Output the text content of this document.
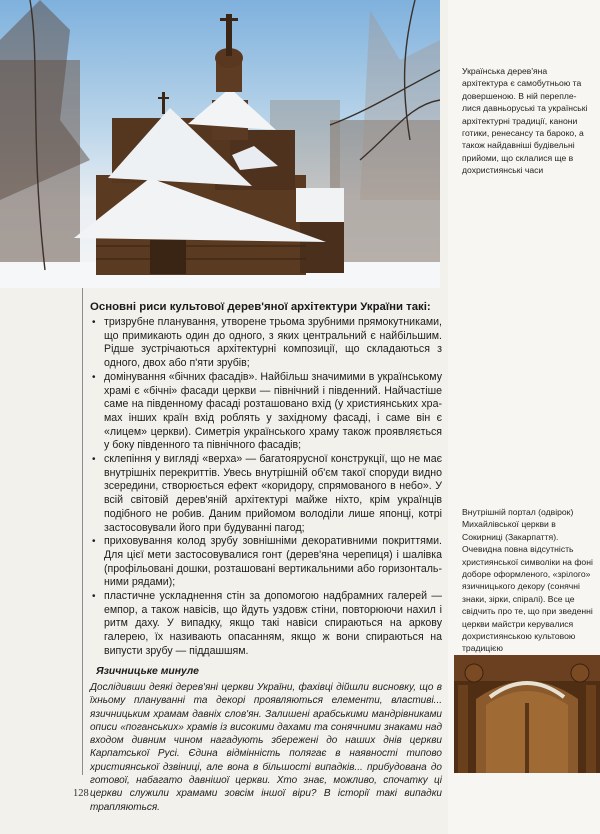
Українська дерев'яна архітектура є самобутньою та довершеною. В ній переплелися давньоруські та українські архітектурні традиції, канони готики, ренесансу та бароко, а також найдавніші будівельні прийоми, що склалися ще в дохристиянські часи
Внутрішній портал (одвірок) Михайлівської церкви в Сокирниці (Закарпаття). Очевидна повна відсутність християнської символіки на фоні доборе оформленого, «зрілого» язичницького декору (сонячні знаки, зірки, спіралі). Все це свідчить про те, що при зведенні церкви майстри керувалися дохристиянською культовою традицією

Основні риси культової дерев'яної архітектури України такі:

• тризрубне планування, утворене трьома зрубними прямокутниками, що примикають один до одного, з яких центральний є найбільшим. Рідше зустрічаються архітектурні композиції, що складаються з одного, двох або п'яти зрубів;
• домінування «бічних фасадів». Найбільш значимими в українському храмі є «бічні» фасади церкви — північний і південний. Найчастіше саме на південному фасаді розташовано вхід (у християнських храмах інших країн вхід роблять у західному фасаді, і саме він є «лицем» церкви). Симетрія українського храму також проявляється у боку південного та північного фасадів;
• склепіння у вигляді «верха» — багатоярусної конструкції, що не має внутрішніх перекриттів. Увесь внутрішній об'єм такої споруди видно зсередини, створюється ефект «коридору, спрямованого в небо». У всій світовій дерев'яній архітектурі майже ніхто, крім українців подібного не робив. Даним прийомом володіли лише японці, котрі застосовували його при будуванні пагод;
• приховування колод зрубу зовнішніми декоративними покриттями. Для цієї мети застосовувалися гонт (дерев'яна черепиця) і шалівка (профільовані дошки, розташовані вертикальними або горизонтальними рядами);
• пластичне ускладнення стін за допомогою надбрамних галерей — емпор, а також навісів, що йдуть уздовж стіни, повторюючи нахил і ритм даху. У випадку, якщо такі навіси спираються на аркову галерею, їх називають опасанням, якщо ж вони спираються на випусти зрубу — піддашшям.

Язичницьке минуле

Дослідивши деякі дерев'яні церкви України, фахівці дійшли висновку, що в їхньому плануванні та декорі проявляються елементи, властиві... язичницьким храмам давніх слов'ян. Залишені арабськими мандрівниками описи «поганських» храмів із високими дахами та сонячними знаками над входом дивним чином нагадують збережені до наших днів церкви Карпатської Русі. Єдина відмінність полягає в наявності типово християнської дзвіниці, але вона в більшості випадків... прибудована до готової, набагато давнішої церкви. Хто знає, можливо, спочатку ці церкви служили храмами зовсім іншої віри? В історії такі випадки трапляються.

128
